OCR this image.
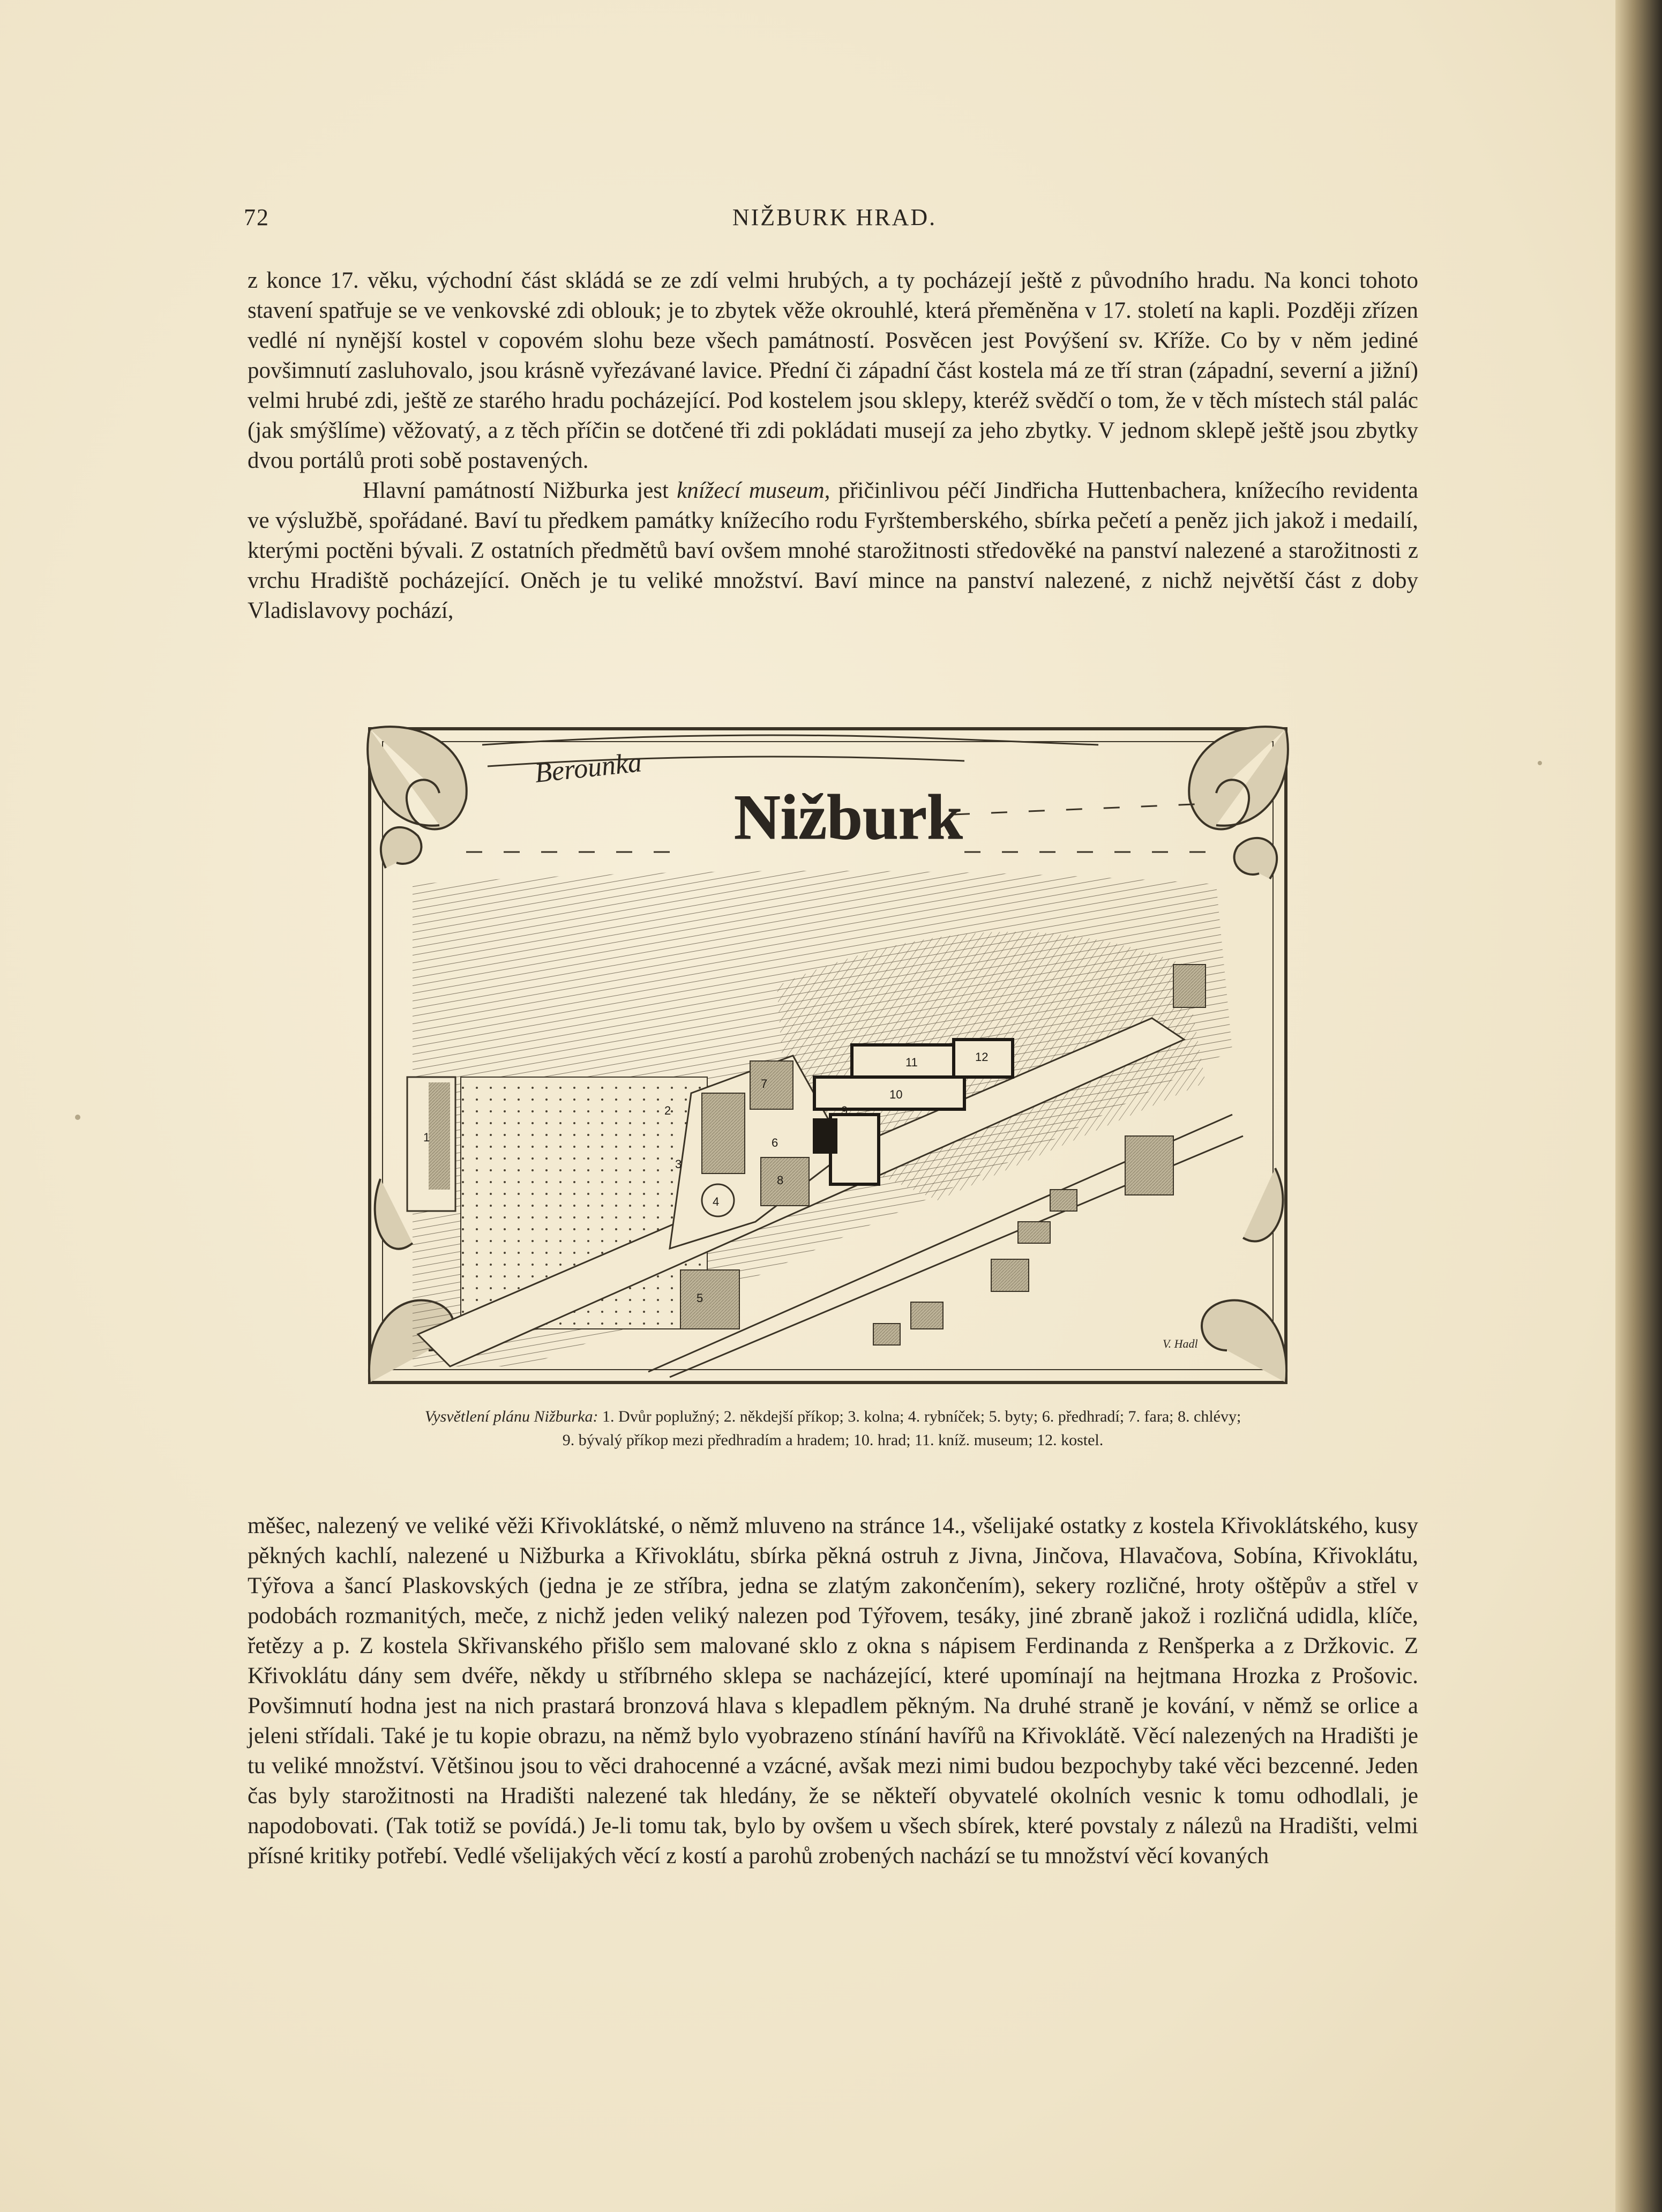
72	NIŽBURK HRAD.

z konce 17. věku, východní část skládá se ze zdí velmi hrubých, a ty pocházejí ještě z původního hradu. Na konci tohoto stavení spatřuje se ve venkovské zdi oblouk; je to zbytek věže okrouhlé, která přeměněna v 17. století na kapli. Později zřízen vedlé ní nynější kostel v copovém slohu beze všech památností. Posvěcen jest Povýšení sv. Kříže. Co by v něm jediné povšimnutí zasluhovalo, jsou krásně vyřezávané lavice. Přední či západní část kostela má ze tří stran (západní, severní a jižní) velmi hrubé zdi, ještě ze starého hradu pocházející. Pod kostelem jsou sklepy, kteréž svědčí o tom, že v těch místech stál palác (jak smýšlíme) věžovatý, a z těch příčin se dotčené tři zdi pokládati musejí za jeho zbytky. V jednom sklepě ještě jsou zbytky dvou portálů proti sobě postavených.

Hlavní památností Nižburka jest knížecí museum, přičinlivou péčí Jindřicha Huttenbachera, knížecího revidenta ve výslužbě, spořádané. Baví tu předkem památky knížecího rodu Fyrštemberského, sbírka pečetí a peněz jich jakož i medailí, kterými poctěni bývali. Z ostatních předmětů baví ovšem mnohé starožitnosti středověké na panství nalezené a starožitnosti z vrchu Hradiště pocházející. Oněch je tu veliké množství. Baví mince na panství nalezené, z nichž největší část z doby Vladislavovy pochází,

Berounka
Nižburk
1
2
3
4
5
6
7
8
9
10
11	12
V. Hadl
Vysvětlení plánu Nižburka: 1. Dvůr poplužný; 2. někdejší příkop; 3. kolna; 4. rybníček; 5. byty; 6. předhradí; 7. fara; 8. chlévy;
9. bývalý příkop mezi předhradím a hradem; 10. hrad; 11. kníž. museum; 12. kostel.

měšec, nalezený ve veliké věži Křivoklátské, o němž mluveno na stránce 14., všelijaké ostatky z kostela Křivoklátského, kusy pěkných kachlí, nalezené u Nižburka a Křivoklátu, sbírka pěkná ostruh z Jivna, Jinčova, Hlavačova, Sobína, Křivoklátu, Týřova a šancí Plaskovských (jedna je ze stříbra, jedna se zlatým zakončením), sekery rozličné, hroty oštěpův a střel v podobách rozmanitých, meče, z nichž jeden veliký nalezen pod Týřovem, tesáky, jiné zbraně jakož i rozličná udidla, klíče, řetězy a p. Z kostela Skřivanského přišlo sem malované sklo z okna s nápisem Ferdinanda z Renšperka a z Držkovic. Z Křivoklátu dány sem dvéře, někdy u stříbrného sklepa se nacházející, které upomínají na hejtmana Hrozka z Prošovic. Povšimnutí hodna jest na nich prastará bronzová hlava s klepadlem pěkným. Na druhé straně je kování, v němž se orlice a jeleni střídali. Také je tu kopie obrazu, na němž bylo vyobrazeno stínání havířů na Křivoklátě. Věcí nalezených na Hradišti je tu veliké množství. Většinou jsou to věci drahocenné a vzácné, avšak mezi nimi budou bezpochyby také věci bezcenné. Jeden čas byly starožitnosti na Hradišti nalezené tak hledány, že se někteří obyvatelé okolních vesnic k tomu odhodlali, je napodobovati. (Tak totiž se povídá.) Je-li tomu tak, bylo by ovšem u všech sbírek, které povstaly z nálezů na Hradišti, velmi přísné kritiky potřebí. Vedlé všelijakých věcí z kostí a parohů zrobených nachází se tu množství věcí kovaných
